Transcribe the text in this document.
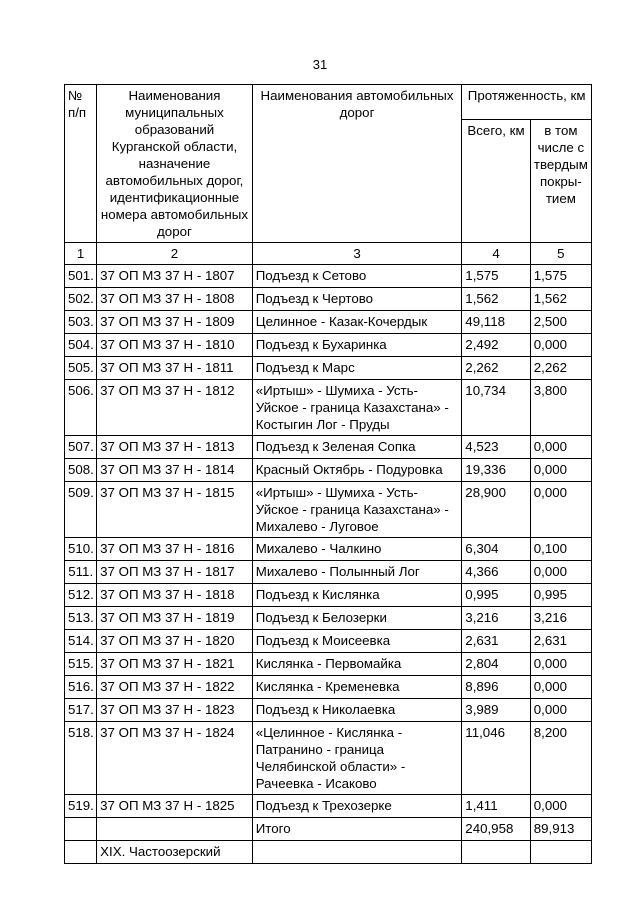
31
№ п/п	Наименования муниципальных образований Курганской области, назначение автомобильных дорог, идентификационные номера автомобильных дорог	Наименования автомобильных дорог	Протяженность, км	
			Всего, км	в том числе с твердым покры-тием
1	2	3	4	5
501.	37 ОП МЗ 37 Н - 1807	Подъезд к Сетово	1,575	1,575
502.	37 ОП МЗ 37 Н - 1808	Подъезд к Чертово	1,562	1,562
503.	37 ОП МЗ 37 Н - 1809	Целинное - Казак-Кочердык	49,118	2,500
504.	37 ОП МЗ 37 Н - 1810	Подъезд к Бухаринка	2,492	0,000
505.	37 ОП МЗ 37 Н - 1811	Подъезд к Марс	2,262	2,262
506.	37 ОП МЗ 37 Н - 1812	«Иртыш» - Шумиха - Усть-Уйское - граница Казахстана» - Костыгин Лог - Пруды	10,734	3,800
507.	37 ОП МЗ 37 Н - 1813	Подъезд к Зеленая Сопка	4,523	0,000
508.	37 ОП МЗ 37 Н - 1814	Красный Октябрь - Подуровка	19,336	0,000
509.	37 ОП МЗ 37 Н - 1815	«Иртыш» - Шумиха - Усть-Уйское - граница Казахстана» - Михалево - Луговое	28,900	0,000
510.	37 ОП МЗ 37 Н - 1816	Михалево - Чалкино	6,304	0,100
511.	37 ОП МЗ 37 Н - 1817	Михалево - Полынный Лог	4,366	0,000
512.	37 ОП МЗ 37 Н - 1818	Подъезд к Кислянка	0,995	0,995
513.	37 ОП МЗ 37 Н - 1819	Подъезд к Белозерки	3,216	3,216
514.	37 ОП МЗ 37 Н - 1820	Подъезд к Моисеевка	2,631	2,631
515.	37 ОП МЗ 37 Н - 1821	Кислянка - Первомайка	2,804	0,000
516.	37 ОП МЗ 37 Н - 1822	Кислянка - Кременевка	8,896	0,000
517.	37 ОП МЗ 37 Н - 1823	Подъезд к Николаевка	3,989	0,000
518.	37 ОП МЗ 37 Н - 1824	«Целинное - Кислянка - Патранино - граница Челябинской области» - Рачеевка - Исаково	11,046	8,200
519.	37 ОП МЗ 37 Н - 1825	Подъезд к Трехозерке	1,411	0,000
		Итого	240,958	89,913
	XIX. Частоозерский			
